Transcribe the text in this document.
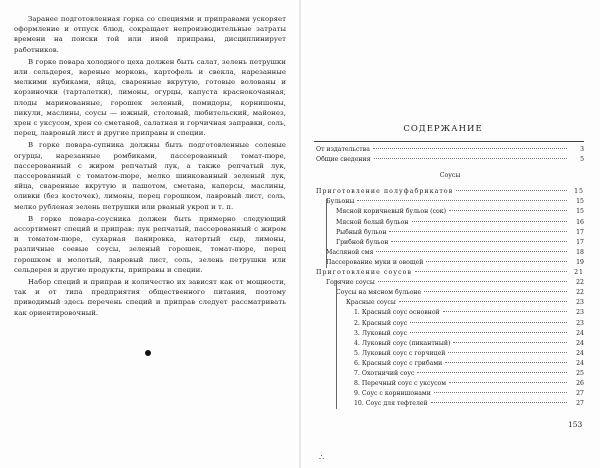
Заранее подготовленная горка со специями и приправами ускоряет оформление и отпуск блюд, сокращает непроизводительные затраты времени на поиски той или иной приправы, дисциплинирует работников.

В горке повара холодного цеха должен быть салат, зелень петрушки или сельдерея, вареные морковь, картофель и свекла, нарезанные мелкими кубиками, яйца, сваренные вкрутую, готовые волованы и корзиночки (тарталетки), лимоны, огурцы, капуста краснокочанная, плоды маринованные, горошек зеленый, помидоры, корнишоны, пикули, маслины, соусы — южный, столовый, любительский, майонез, хрен с уксусом, хрен со сметаной, салатная и горчичная заправки, соль, перец, лавровый лист и другие приправы и специи.

В горке повара-супника должны быть подготовленные соленые огурцы, нарезанные ромбиками, пассерованный томат-пюре, пассерованный с жиром репчатый лук, а также репчатый лук, пассерованный с томатом-пюре, мелко шинкованный зеленый лук, яйца, сваренные вкрутую и пашотом, сметана, каперсы, маслины, оливки (без косточек), лимоны, перец горошком, лавровый лист, соль, мелко рубленая зелень петрушки или рваный укроп и т. п.

В горке повара-соусника должен быть примерно следующий ассортимент специй и приправ: лук репчатый, пассерованный с жиром и томатом-пюре, сухарная панировка, натертый сыр, лимоны, различные соевые соусы, зеленый горошек, томат-пюре, перец горошком и молотый, лавровый лист, соль, зелень петрушки или сельдерея и другие продукты, приправы и специи.

Набор специй и приправ и количество их зависят как от мощности, так и от типа предприятия общественного питания, поэтому приводимый здесь перечень специй и приправ следует рассматривать как ориентировочный.

СОДЕРЖАНИЕ
От издательства	3
Общие сведения	5
Соусы
Приготовление полуфабрикатов	15
Бульоны	15
Мясной коричневый бульон (сок)	15
Мясной белый бульон	16
Рыбный бульон	17
Грибной бульон	17
Масляной смя	18
Пассерование муки и овощей	19
Приготовление соусов	21
Горячие соусы	22
Соусы на мясном бульоне	22
Красные соусы	23
1. Красный соус основной	23
2. Красный соус	23
3. Луковый соус	24
4. Луковый соус (пикантный)	24
5. Луковый соус с горчицей	24
6. Красный соус с грибами	24
7. Охотничий соус	25
8. Перечный соус с уксусом	26
9. Соус с корнишонами	27
10. Соус для тефтелей	27
153
∴
